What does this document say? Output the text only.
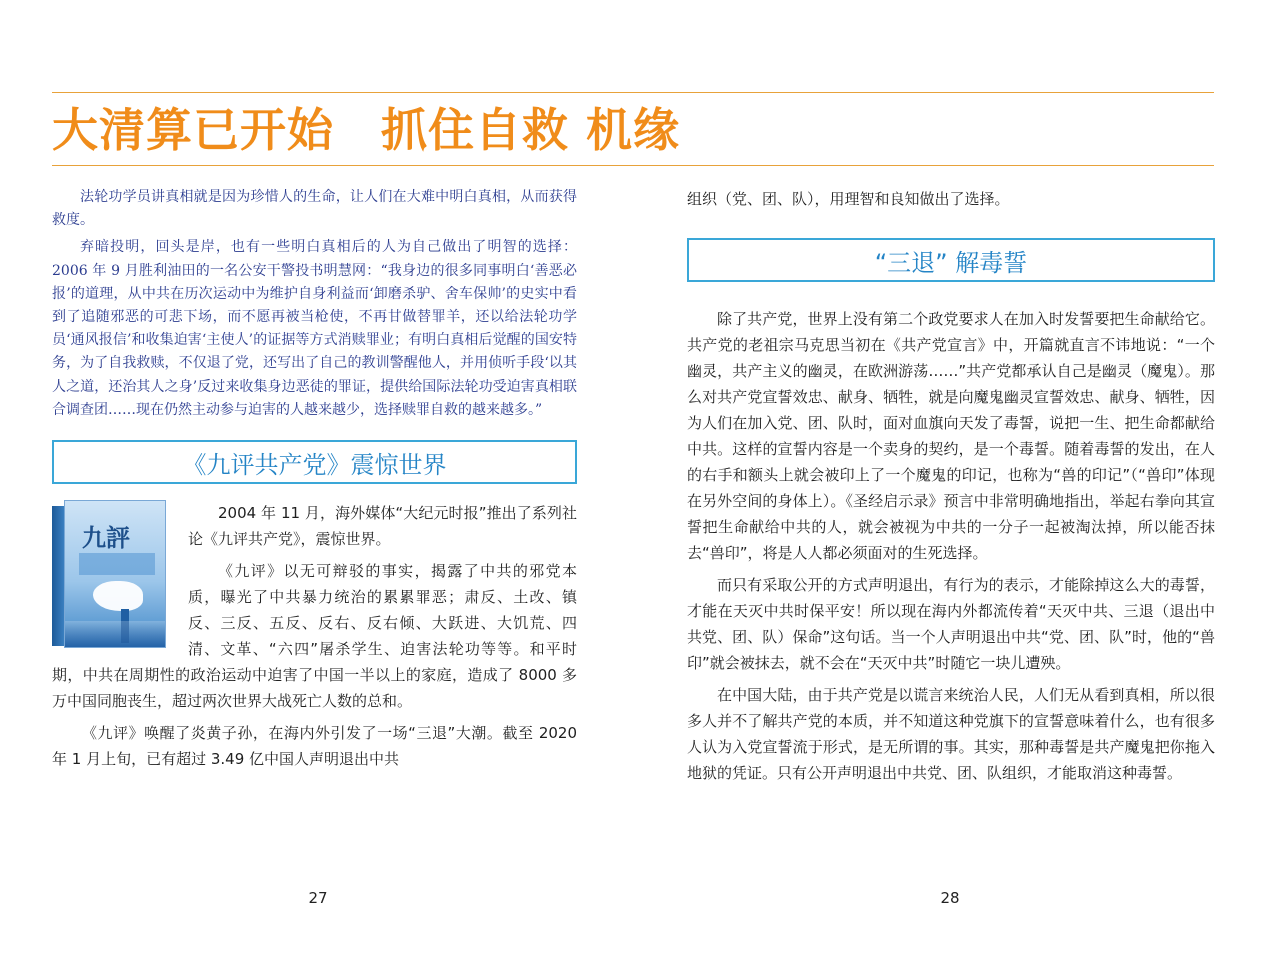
大清算已开始　抓住自救 机缘

法轮功学员讲真相就是因为珍惜人的生命，让人们在大难中明白真相，从而获得救度。

弃暗投明，回头是岸，也有一些明白真相后的人为自己做出了明智的选择：2006 年 9 月胜利油田的一名公安干警投书明慧网：“我身边的很多同事明白‘善恶必报’的道理，从中共在历次运动中为维护自身利益而‘卸磨杀驴、舍车保帅’的史实中看到了追随邪恶的可悲下场，而不愿再被当枪使，不再甘做替罪羊，还以给法轮功学员‘通风报信’和收集迫害‘主使人’的证据等方式消赎罪业；有明白真相后觉醒的国安特务，为了自我救赎，不仅退了党，还写出了自己的教训警醒他人，并用侦听手段‘以其人之道，还治其人之身’反过来收集身边恶徒的罪证，提供给国际法轮功受迫害真相联合调查团……现在仍然主动参与迫害的人越来越少，选择赎罪自救的越来越多。”

《九评共产党》震惊世界
九評

2004 年 11 月，海外媒体“大纪元时报”推出了系列社论《九评共产党》，震惊世界。

《九评》以无可辩驳的事实，揭露了中共的邪党本质，曝光了中共暴力统治的累累罪恶；肃反、土改、镇反、三反、五反、反右、反右倾、大跃进、大饥荒、四清、文革、“六四”屠杀学生、迫害法轮功等等。和平时期，中共在周期性的政治运动中迫害了中国一半以上的家庭，造成了 8000 多万中国同胞丧生，超过两次世界大战死亡人数的总和。

《九评》唤醒了炎黄子孙，在海内外引发了一场“三退”大潮。截至 2020 年 1 月上旬，已有超过 3.49 亿中国人声明退出中共

组织（党、团、队），用理智和良知做出了选择。

“三退” 解毒誓

除了共产党，世界上没有第二个政党要求人在加入时发誓要把生命献给它。共产党的老祖宗马克思当初在《共产党宣言》中，开篇就直言不讳地说：“一个幽灵，共产主义的幽灵，在欧洲游荡……”共产党都承认自己是幽灵（魔鬼）。那么对共产党宣誓效忠、献身、牺牲，就是向魔鬼幽灵宣誓效忠、献身、牺牲，因为人们在加入党、团、队时，面对血旗向天发了毒誓，说把一生、把生命都献给中共。这样的宣誓内容是一个卖身的契约，是一个毒誓。随着毒誓的发出，在人的右手和额头上就会被印上了一个魔鬼的印记，也称为“兽的印记”（“兽印”体现在另外空间的身体上）。《圣经启示录》预言中非常明确地指出，举起右拳向其宣誓把生命献给中共的人，就会被视为中共的一分子一起被淘汰掉，所以能否抹去“兽印”，将是人人都必须面对的生死选择。

而只有采取公开的方式声明退出，有行为的表示，才能除掉这么大的毒誓，才能在天灭中共时保平安！所以现在海内外都流传着“天灭中共、三退（退出中共党、团、队）保命”这句话。当一个人声明退出中共“党、团、队”时，他的“兽印”就会被抹去，就不会在“天灭中共”时随它一块儿遭殃。

在中国大陆，由于共产党是以谎言来统治人民，人们无从看到真相，所以很多人并不了解共产党的本质，并不知道这种党旗下的宣誓意味着什么，也有很多人认为入党宣誓流于形式，是无所谓的事。其实，那种毒誓是共产魔鬼把你拖入地狱的凭证。只有公开声明退出中共党、团、队组织，才能取消这种毒誓。

27	28
